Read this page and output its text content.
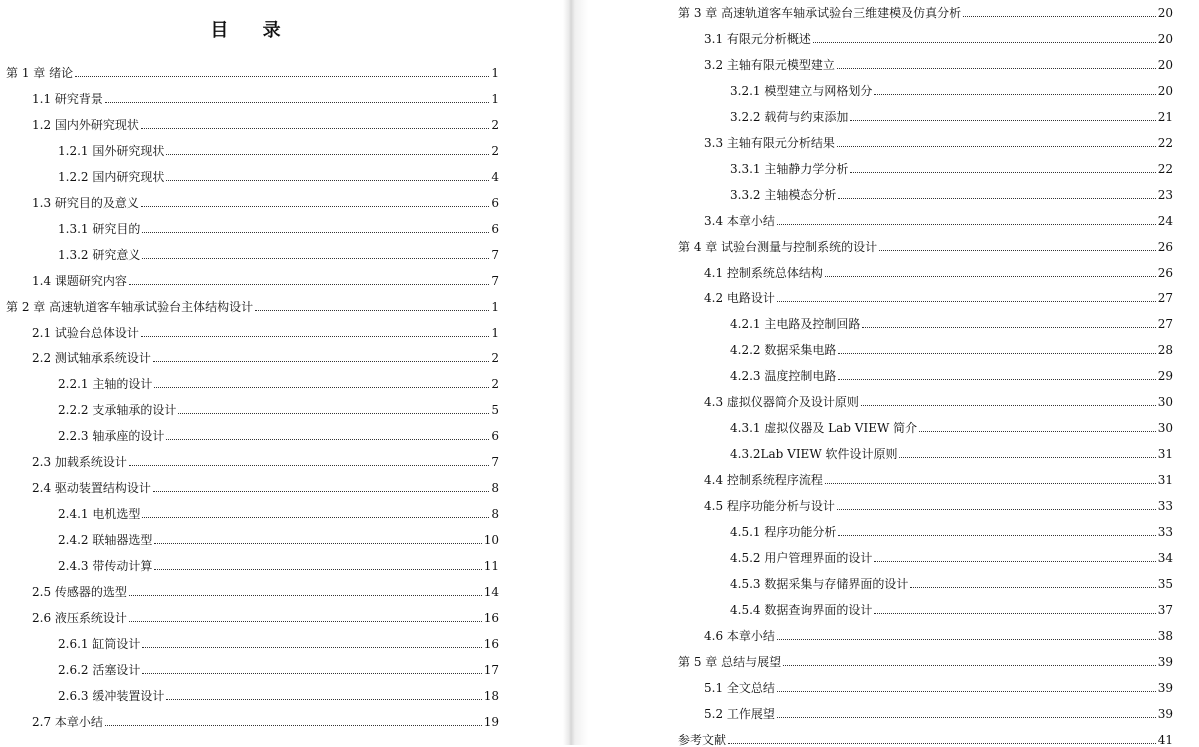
目 录
第 1 章 绪论	1
1.1 研究背景	1
1.2 国内外研究现状	2
1.2.1 国外研究现状	2
1.2.2 国内研究现状	4
1.3 研究目的及意义	6
1.3.1 研究目的	6
1.3.2 研究意义	7
1.4 课题研究内容	7
第 2 章 高速轨道客车轴承试验台主体结构设计	1
2.1 试验台总体设计	1
2.2 测试轴承系统设计	2
2.2.1 主轴的设计	2
2.2.2 支承轴承的设计	5
2.2.3 轴承座的设计	6
2.3 加载系统设计	7
2.4 驱动装置结构设计	8
2.4.1 电机选型	8
2.4.2 联轴器选型	10
2.4.3 带传动计算	11
2.5 传感器的选型	14
2.6 液压系统设计	16
2.6.1 缸筒设计	16
2.6.2 活塞设计	17
2.6.3 缓冲装置设计	18
2.7 本章小结	19
第 3 章 高速轨道客车轴承试验台三维建模及仿真分析	20
3.1 有限元分析概述	20
3.2 主轴有限元模型建立	20
3.2.1 模型建立与网格划分	20
3.2.2 载荷与约束添加	21
3.3 主轴有限元分析结果	22
3.3.1 主轴静力学分析	22
3.3.2 主轴模态分析	23
3.4 本章小结	24
第 4 章 试验台测量与控制系统的设计	26
4.1 控制系统总体结构	26
4.2 电路设计	27
4.2.1 主电路及控制回路	27
4.2.2 数据采集电路	28
4.2.3 温度控制电路	29
4.3 虚拟仪器简介及设计原则	30
4.3.1 虚拟仪器及 Lab VIEW 简介	30
4.3.2Lab VIEW 软件设计原则	31
4.4 控制系统程序流程	31
4.5 程序功能分析与设计	33
4.5.1 程序功能分析	33
4.5.2 用户管理界面的设计	34
4.5.3 数据采集与存储界面的设计	35
4.5.4 数据查询界面的设计	37
4.6 本章小结	38
第 5 章 总结与展望	39
5.1 全文总结	39
5.2 工作展望	39
参考文献	41
